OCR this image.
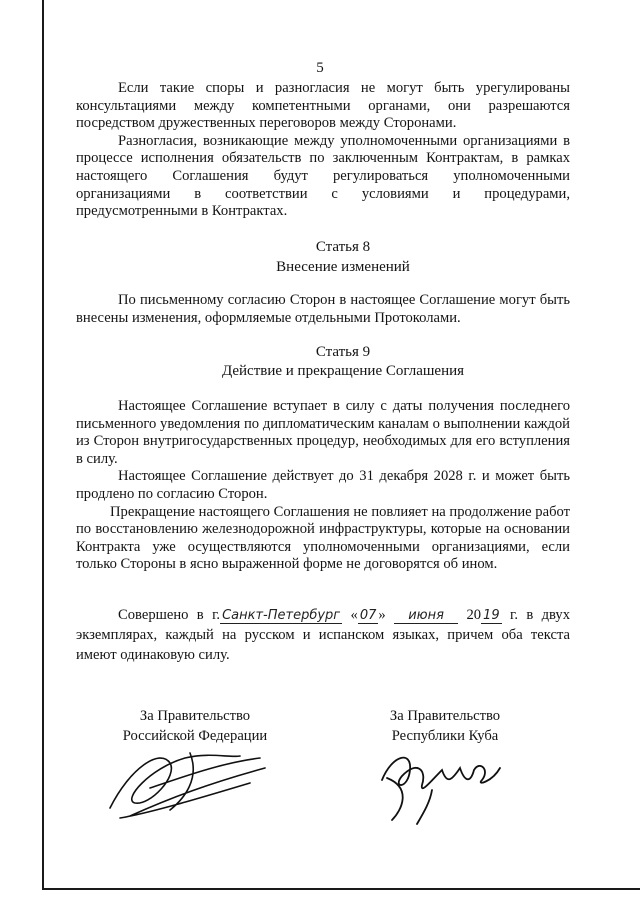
5

Если такие споры и разногласия не могут быть урегулированы консультациями между компетентными органами, они разрешаются посредством дружественных переговоров между Сторонами.

Разногласия, возникающие между уполномоченными организациями в процессе исполнения обязательств по заключенным Контрактам, в рамках настоящего Соглашения будут регулироваться уполномоченными организациями в соответствии с условиями и процедурами, предусмотренными в Контрактах.

Статья 8
Внесение изменений

По письменному согласию Сторон в настоящее Соглашение могут быть внесены изменения, оформляемые отдельными Протоколами.

Статья 9
Действие и прекращение Соглашения

Настоящее Соглашение вступает в силу с даты получения последнего письменного уведомления по дипломатическим каналам о выполнении каждой из Сторон внутригосударственных процедур, необходимых для его вступления в силу.

Настоящее Соглашение действует до 31 декабря 2028 г. и может быть продлено по согласию Сторон.

Прекращение настоящего Соглашения не повлияет на продолжение работ по восстановлению железнодорожной инфраструктуры, которые на основании Контракта уже осуществляются уполномоченными организациями, если только Стороны в ясно выраженной форме не договорятся об ином.

Совершено в г. Санкт-Петербург « 07 » июня 20 19 г. в двух экземплярах, каждый на русском и испанском языках, причем оба текста имеют одинаковую силу.
За Правительство
Российской Федерации
За Правительство
Республики Куба
